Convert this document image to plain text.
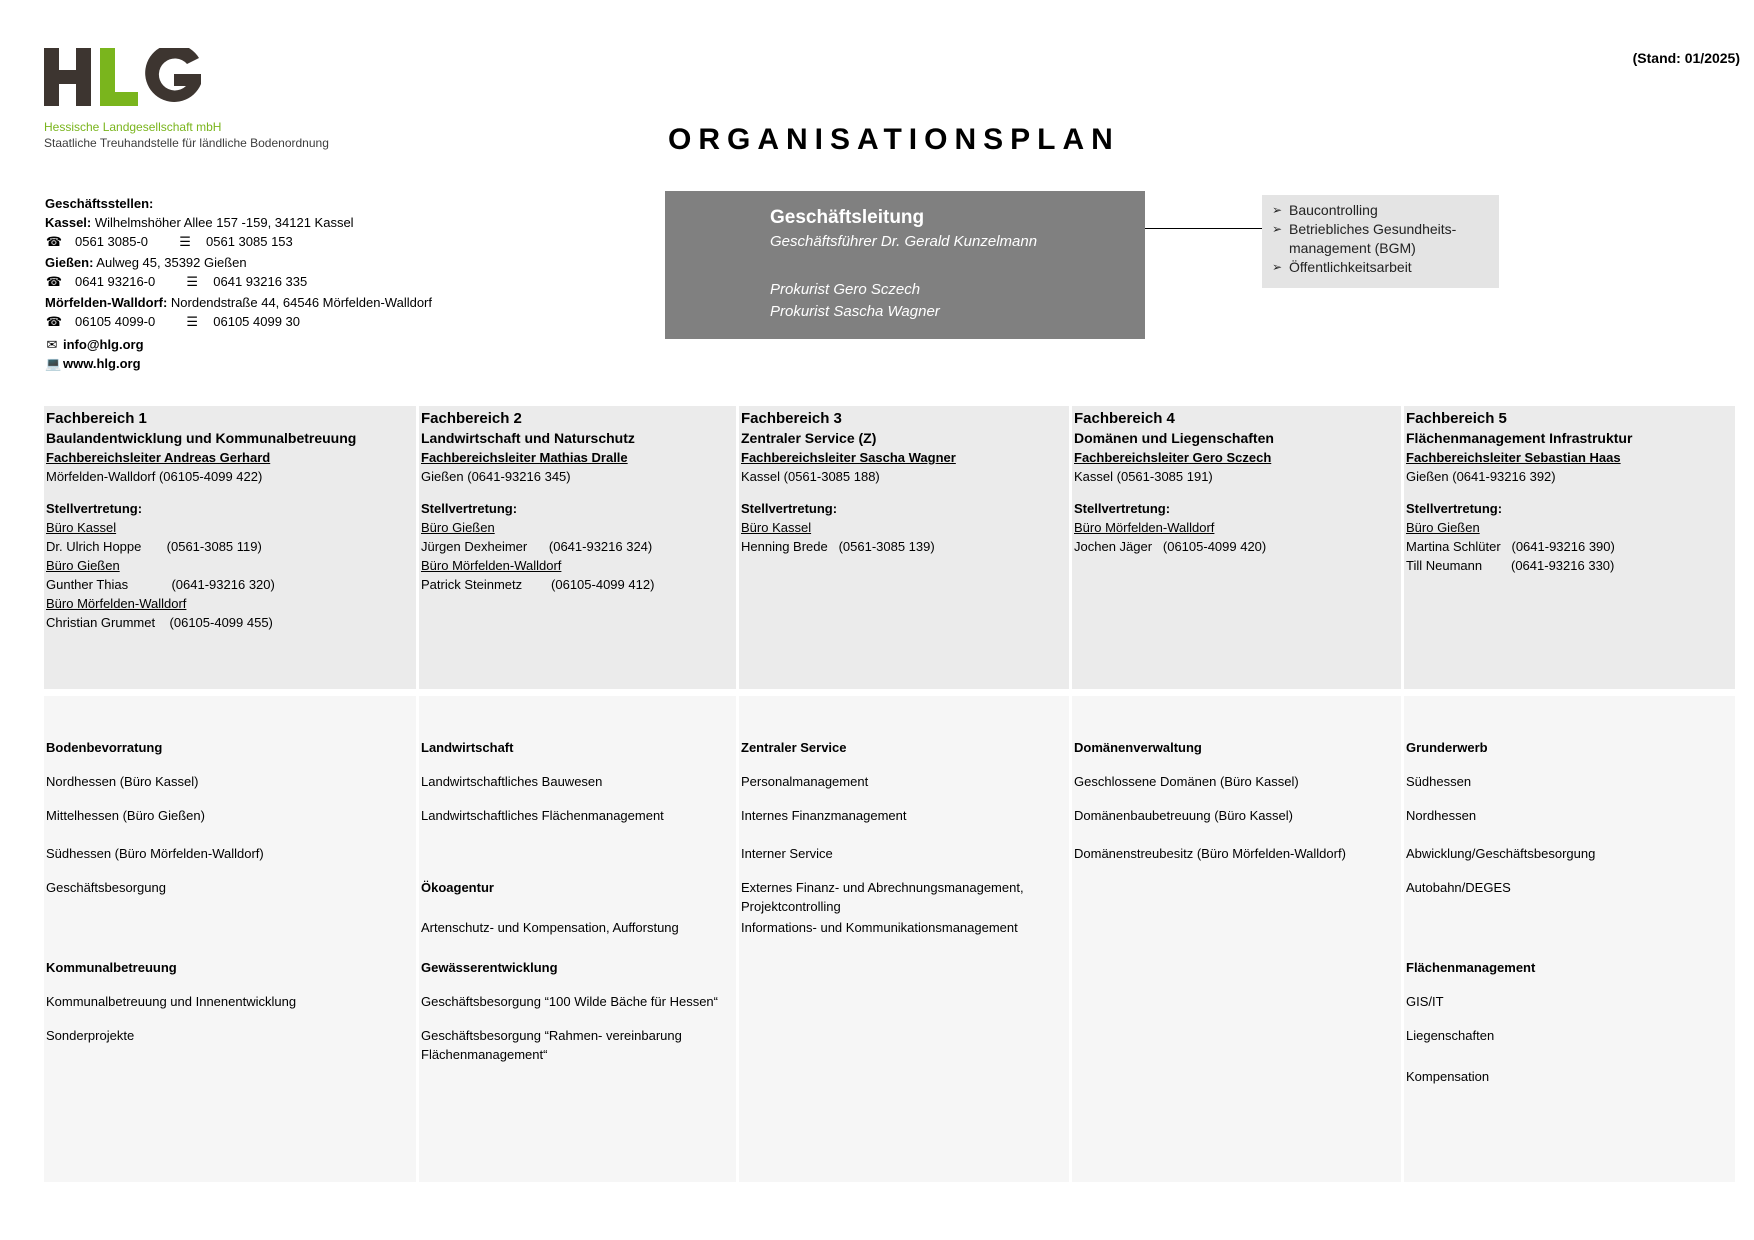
Hessische Landgesellschaft mbH
Staatliche Treuhandstelle für ländliche Bodenordnung
(Stand: 01/2025)
ORGANISATIONSPLAN
Geschäftsstellen:
Kassel: Wilhelmshöher Allee 157 -159, 34121 Kassel
☎ 0561 3085-0 ☰ 0561 3085 153
Gießen: Aulweg 45, 35392 Gießen
☎ 0641 93216-0 ☰ 0641 93216 335
Mörfelden-Walldorf: Nordendstraße 44, 64546 Mörfelden-Walldorf
☎ 06105 4099-0 ☰ 06105 4099 30
✉ info@hlg.org
💻 www.hlg.org
Geschäftsleitung
Geschäftsführer Dr. Gerald Kunzelmann
Prokurist Gero Sczech
Prokurist Sascha Wagner
➢ Baucontrolling
➢ Betriebliches Gesundheits-management (BGM)
➢ Öffentlichkeitsarbeit
Fachbereich 1
Baulandentwicklung und Kommunalbetreuung
Fachbereichsleiter Andreas Gerhard
Mörfelden-Walldorf (06105-4099 422)
Stellvertretung:
Büro Kassel
Dr. Ulrich Hoppe       (0561-3085 119)
Büro Gießen
Gunther Thias            (0641-93216 320)
Büro Mörfelden-Walldorf
Christian Grummet    (06105-4099 455)
Fachbereich 2
Landwirtschaft und Naturschutz
Fachbereichsleiter Mathias Dralle
Gießen (0641-93216 345)
Stellvertretung:
Büro Gießen
Jürgen Dexheimer      (0641-93216 324)
Büro Mörfelden-Walldorf
Patrick Steinmetz        (06105-4099 412)
Fachbereich 3
Zentraler Service (Z)
Fachbereichsleiter Sascha Wagner
Kassel (0561-3085 188)
Stellvertretung:
Büro Kassel
Henning Brede   (0561-3085 139)
Fachbereich 4
Domänen und Liegenschaften
Fachbereichsleiter Gero Sczech
Kassel (0561-3085 191)
Stellvertretung:
Büro Mörfelden-Walldorf
Jochen Jäger   (06105-4099 420)
Fachbereich 5
Flächenmanagement Infrastruktur
Fachbereichsleiter Sebastian Haas
Gießen (0641-93216 392)
Stellvertretung:
Büro Gießen
Martina Schlüter   (0641-93216 390)
Till Neumann        (0641-93216 330)
Bodenbevorratung
Nordhessen (Büro Kassel)
Mittelhessen (Büro Gießen)
Südhessen (Büro Mörfelden-Walldorf)
Geschäftsbesorgung
Kommunalbetreuung
Kommunalbetreuung und Innenentwicklung
Sonderprojekte
Landwirtschaft
Landwirtschaftliches Bauwesen
Landwirtschaftliches Flächenmanagement
Ökoagentur
Artenschutz- und Kompensation, Aufforstung
Gewässerentwicklung
Geschäftsbesorgung “100 Wilde Bäche für Hessen“
Geschäftsbesorgung “Rahmen- vereinbarung
Flächenmanagement“
Zentraler Service
Personalmanagement
Internes Finanzmanagement
Interner Service
Externes Finanz- und Abrechnungsmanagement,
Projektcontrolling
Informations- und Kommunikationsmanagement
Domänenverwaltung
Geschlossene Domänen (Büro Kassel)
Domänenbaubetreuung (Büro Kassel)
Domänenstreubesitz (Büro Mörfelden-Walldorf)
Grunderwerb
Südhessen
Nordhessen
Abwicklung/Geschäftsbesorgung
Autobahn/DEGES
Flächenmanagement
GIS/IT
Liegenschaften
Kompensation
